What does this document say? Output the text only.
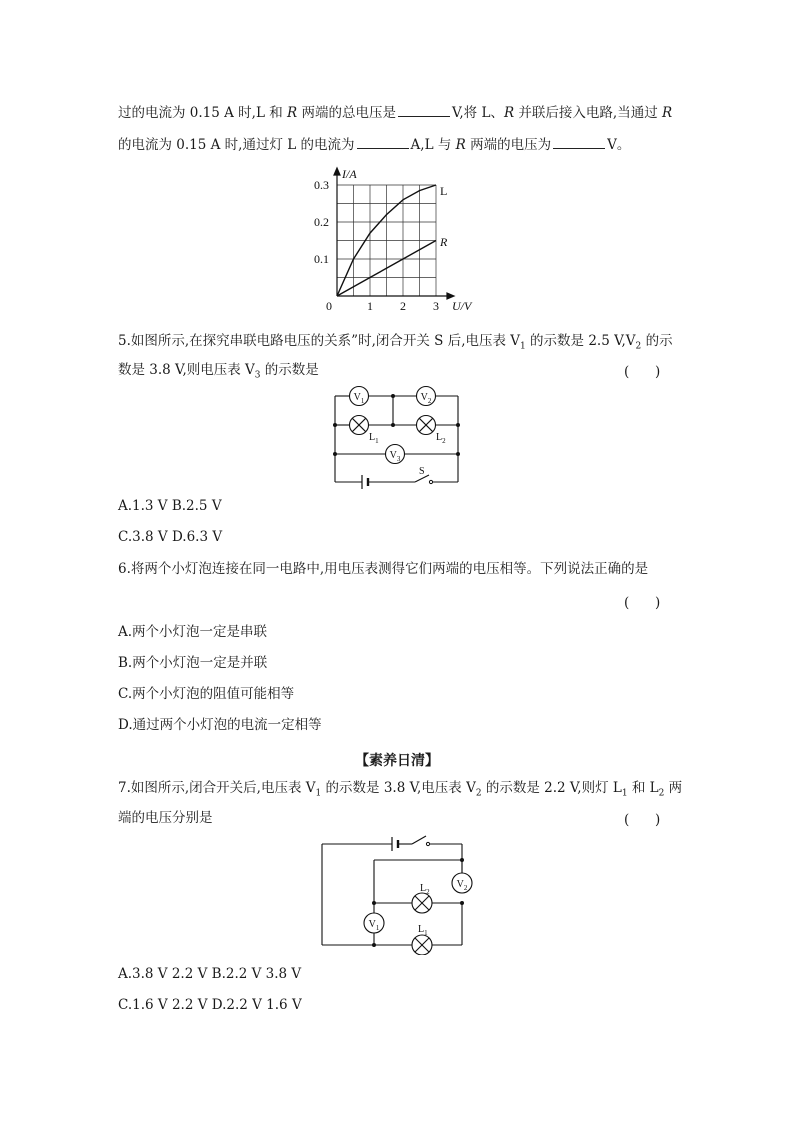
过的电流为 0.15 A 时,L 和 R 两端的总电压是	V,将 L、R 并联后接入电路,当通过 R
的电流为 0.15 A 时,通过灯 L 的电流为	A,L 与 R 两端的电压为	V。
I/A
U/V
0
0.1
0.2
0.3
1 2 3
L
R
5.如图所示,在探究串联电路电压的关系”时,闭合开关 S 后,电压表 $V_1$ 的示数是 2.5 $V,V_2$ 的示
数是 3.8 V,则电压表 $V_3$ 的示数是	(      )
S
$V_1$	$V_2$
$V_3$
$L_1$	$L_2$
A.1.3 V B.2.5 V
C.3.8 V D.6.3 V
6.将两个小灯泡连接在同一电路中,用电压表测得它们两端的电压相等。下列说法正确的是
(      )
A.两个小灯泡一定是串联
B.两个小灯泡一定是并联
C.两个小灯泡的阻值可能相等
D.通过两个小灯泡的电流一定相等
【素养日清】
7.如图所示,闭合开关后,电压表 $V_1$ 的示数是 3.8 V,电压表 $V_2$ 的示数是 2.2 V,则灯 $L_1$ 和 $L_2$ 两
端的电压分别是	(      )
$V_2$
$V_1$
$L_2$
$L_1$
A.3.8 V 2.2 V B.2.2 V 3.8 V
C.1.6 V 2.2 V D.2.2 V 1.6 V
